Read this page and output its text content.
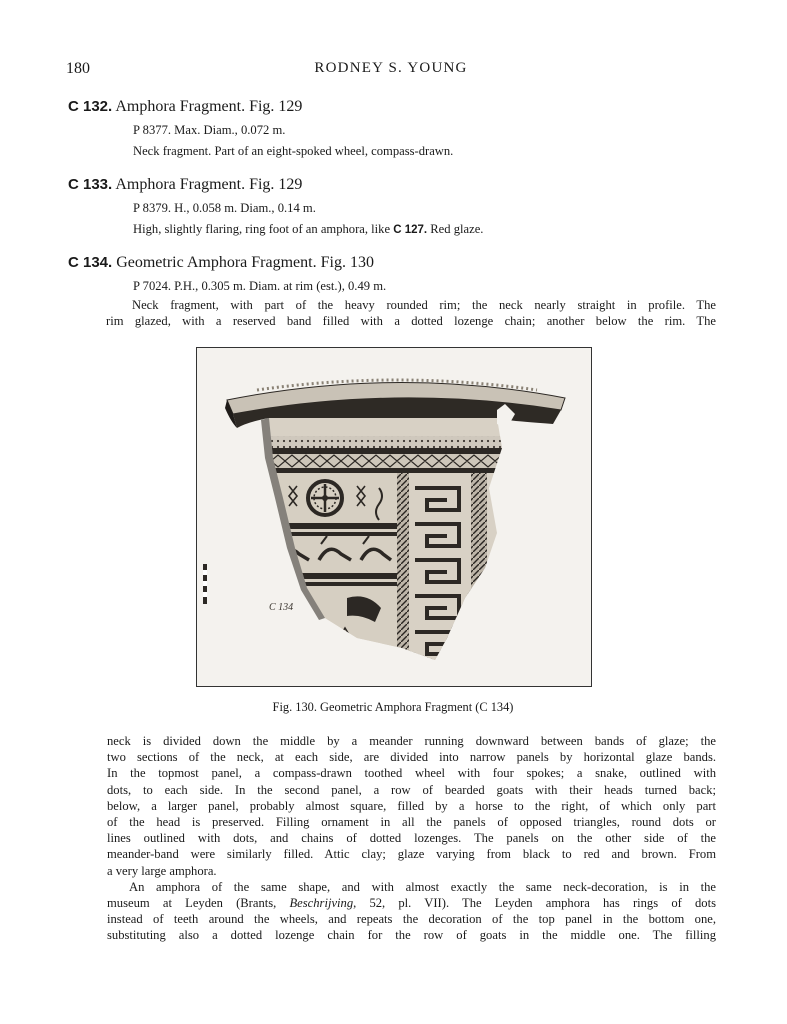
180	RODNEY S. YOUNG
C 132. Amphora Fragment. Fig. 129
P 8377. Max. Diam., 0.072 m.
Neck fragment. Part of an eight-spoked wheel, compass-drawn.
C 133. Amphora Fragment. Fig. 129
P 8379. H., 0.058 m. Diam., 0.14 m.
High, slightly flaring, ring foot of an amphora, like C 127. Red glaze.
C 134. Geometric Amphora Fragment. Fig. 130
P 7024. P.H., 0.305 m. Diam. at rim (est.), 0.49 m.
Neck fragment, with part of the heavy rounded rim; the neck nearly straight in profile. The
rim glazed, with a reserved band filled with a dotted lozenge chain; another below the rim. The
C 134
Fig. 130. Geometric Amphora Fragment (C 134)
neck is divided down the middle by a meander running downward between bands of glaze; the
two sections of the neck, at each side, are divided into narrow panels by horizontal glaze bands.
In the topmost panel, a compass-drawn toothed wheel with four spokes; a snake, outlined with
dots, to each side. In the second panel, a row of bearded goats with their heads turned back;
below, a larger panel, probably almost square, filled by a horse to the right, of which only part
of the head is preserved. Filling ornament in all the panels of opposed triangles, round dots or
lines outlined with dots, and chains of dotted lozenges. The panels on the other side of the
meander-band were similarly filled. Attic clay; glaze varying from black to red and brown. From
a very large amphora.
An amphora of the same shape, and with almost exactly the same neck-decoration, is in the
museum at Leyden (Brants, Beschrijving, 52, pl. VII). The Leyden amphora has rings of dots
instead of teeth around the wheels, and repeats the decoration of the top panel in the bottom one,
substituting also a dotted lozenge chain for the row of goats in the middle one. The filling
